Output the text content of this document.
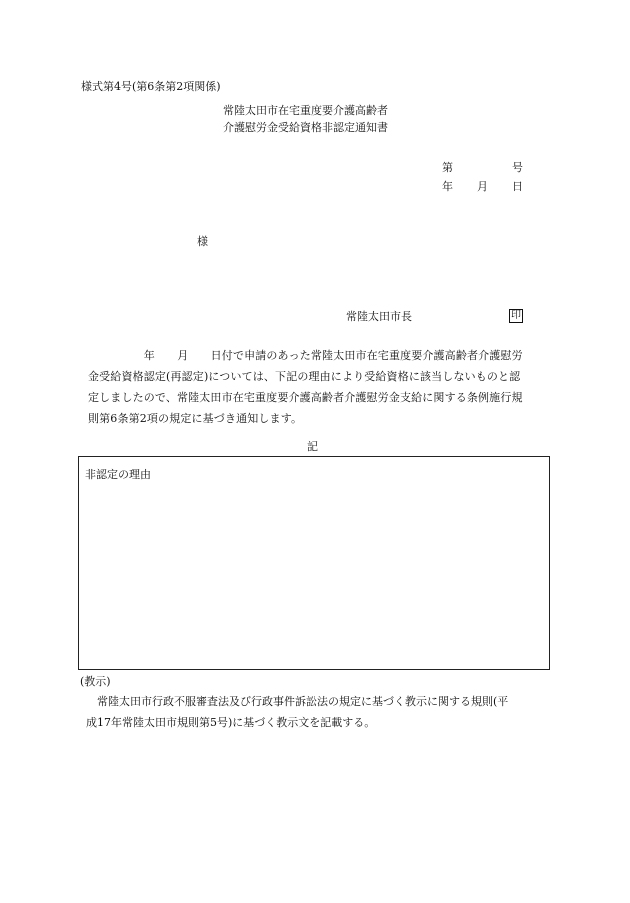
様式第4号(第6条第2項関係)
常陸太田市在宅重度要介護高齢者
介護慰労金受給資格非認定通知書
第	号
年 月 日
様
常陸太田市長	印
　　　　　年　　月　　日付で申請のあった常陸太田市在宅重度要介護高齢者介護慰労
金受給資格認定(再認定)については、下記の理由により受給資格に該当しないものと認
定しましたので、常陸太田市在宅重度要介護高齢者介護慰労金支給に関する条例施行規
則第6条第2項の規定に基づき通知します。
記
非認定の理由
(教示)
　常陸太田市行政不服審査法及び行政事件訴訟法の規定に基づく教示に関する規則(平
成17年常陸太田市規則第5号)に基づく教示文を記載する。
